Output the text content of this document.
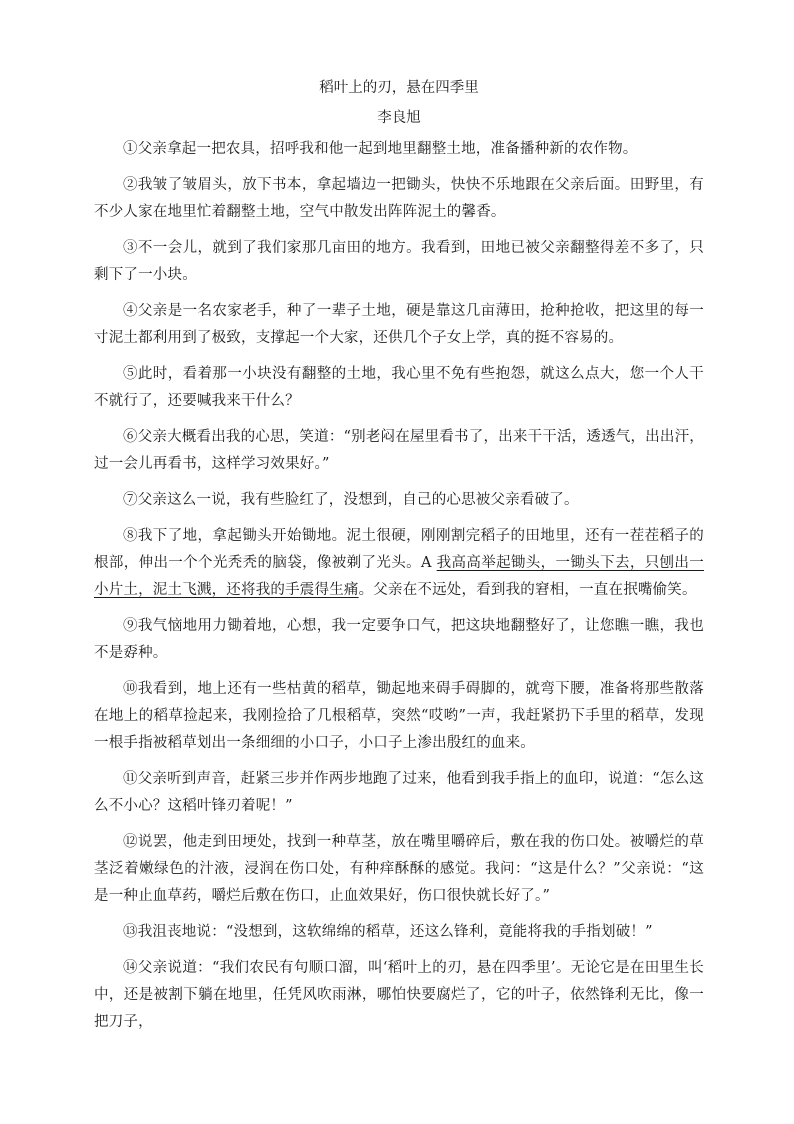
稻叶上的刃，悬在四季里
李良旭

①父亲拿起一把农具，招呼我和他一起到地里翻整土地，准备播种新的农作物。

②我皱了皱眉头，放下书本，拿起墙边一把锄头，快快不乐地跟在父亲后面。田野里，有不少人家在地里忙着翻整土地，空气中散发出阵阵泥土的馨香。

③不一会儿，就到了我们家那几亩田的地方。我看到，田地已被父亲翻整得差不多了，只剩下了一小块。

④父亲是一名农家老手，种了一辈子土地，硬是靠这几亩薄田，抢种抢收，把这里的每一寸泥土都利用到了极致，支撑起一个大家，还供几个子女上学，真的挺不容易的。

⑤此时，看着那一小块没有翻整的土地，我心里不免有些抱怨，就这么点大，您一个人干不就行了，还要喊我来干什么？

⑥父亲大概看出我的心思，笑道：“别老闷在屋里看书了，出来干干活，透透气，出出汗，过一会儿再看书，这样学习效果好。”

⑦父亲这么一说，我有些脸红了，没想到，自己的心思被父亲看破了。

⑧我下了地，拿起锄头开始锄地。泥土很硬，刚刚割完稻子的田地里，还有一茬茬稻子的根部，伸出一个个光秃秃的脑袋，像被剃了光头。A 我高高举起锄头，一锄头下去，只刨出一小片土，泥土飞溅，还将我的手震得生痛。父亲在不远处，看到我的窘相，一直在抿嘴偷笑。

⑨我气恼地用力锄着地，心想，我一定要争口气，把这块地翻整好了，让您瞧一瞧，我也不是孬种。

⑩我看到，地上还有一些枯黄的稻草，锄起地来碍手碍脚的，就弯下腰，准备将那些散落在地上的稻草捡起来，我刚捡拾了几根稻草，突然“哎哟”一声，我赶紧扔下手里的稻草，发现一根手指被稻草划出一条细细的小口子，小口子上渗出殷红的血来。

⑪父亲听到声音，赶紧三步并作两步地跑了过来，他看到我手指上的血印，说道：“怎么这么不小心？这稻叶锋刃着呢！”

⑫说罢，他走到田埂处，找到一种草茎，放在嘴里嚼碎后，敷在我的伤口处。被嚼烂的草茎泛着嫩绿色的汁液，浸润在伤口处，有种痒酥酥的感觉。我问：“这是什么？”父亲说：“这是一种止血草药，嚼烂后敷在伤口，止血效果好，伤口很快就长好了。”

⑬我沮丧地说：“没想到，这软绵绵的稻草，还这么锋利，竟能将我的手指划破！”

⑭父亲说道：“我们农民有句顺口溜，叫‘稻叶上的刃，悬在四季里’。无论它是在田里生长中，还是被割下躺在地里，任凭风吹雨淋，哪怕快要腐烂了，它的叶子，依然锋利无比，像一把刀子，
